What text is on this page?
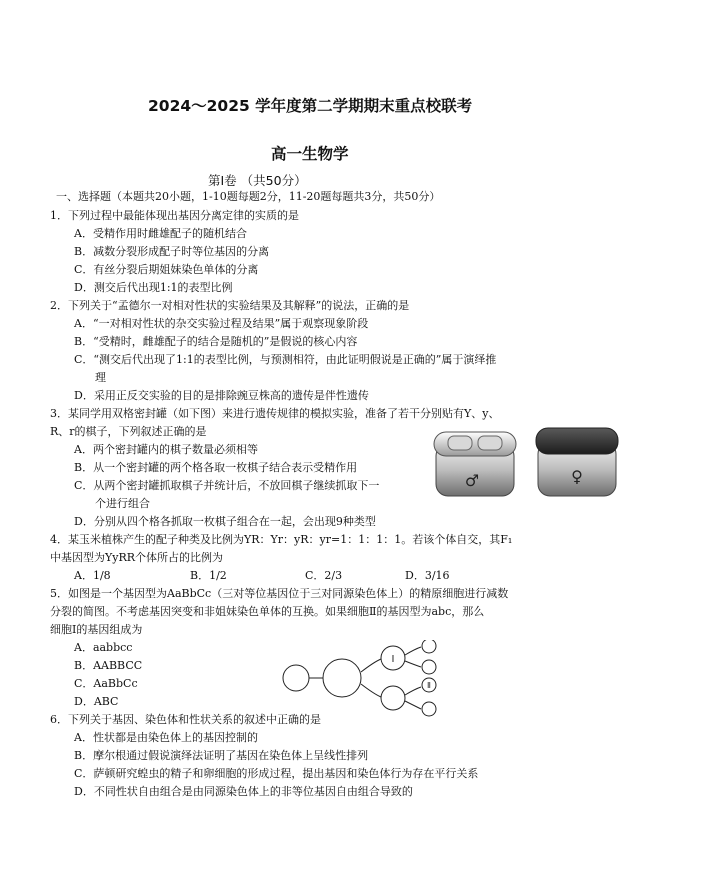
2024～2025 学年度第二学期期末重点校联考
高一生物学
第Ⅰ卷 （共50分）
一、选择题（本题共20小题，1-10题每题2分，11-20题每题共3分，共50分）
1．下列过程中最能体现出基因分离定律的实质的是
A．受精作用时雌雄配子的随机结合
B．减数分裂形成配子时等位基因的分离
C．有丝分裂后期姐妹染色单体的分离
D．测交后代出现1:1的表型比例
2．下列关于“孟德尔一对相对性状的实验结果及其解释”的说法，正确的是
A．“一对相对性状的杂交实验过程及结果”属于观察现象阶段
B．“受精时，雌雄配子的结合是随机的”是假说的核心内容
C．“测交后代出现了1:1的表型比例，与预测相符，由此证明假说是正确的”属于演绎推
理
D．采用正反交实验的目的是排除豌豆株高的遗传是伴性遗传
3．某同学用双格密封罐（如下图）来进行遗传规律的模拟实验，准备了若干分别贴有Y、y、
R、r的棋子，下列叙述正确的是
A．两个密封罐内的棋子数量必须相等
B．从一个密封罐的两个格各取一枚棋子结合表示受精作用
C．从两个密封罐抓取棋子并统计后，不放回棋子继续抓取下一
个进行组合
D．分别从四个格各抓取一枚棋子组合在一起，会出现9种类型
♂	♀
4．某玉米植株产生的配子种类及比例为YR：Yr：yR：yr=1：1：1：1。若该个体自交，其F₁
中基因型为YyRR个体所占的比例为
A．1/8	B．1/2	C．2/3	D．3/16
5．如图是一个基因型为AaBbCc（三对等位基因位于三对同源染色体上）的精原细胞进行减数
分裂的简图。不考虑基因突变和非姐妹染色单体的互换。如果细胞Ⅱ的基因型为abc，那么
细胞Ⅰ的基因组成为
A．aabbcc
B．AABBCC
C．AaBbCc
D．ABC
Ⅰ
Ⅱ
6．下列关于基因、染色体和性状关系的叙述中正确的是
A．性状都是由染色体上的基因控制的
B．摩尔根通过假说演绎法证明了基因在染色体上呈线性排列
C．萨顿研究蝗虫的精子和卵细胞的形成过程，提出基因和染色体行为存在平行关系
D．不同性状自由组合是由同源染色体上的非等位基因自由组合导致的
